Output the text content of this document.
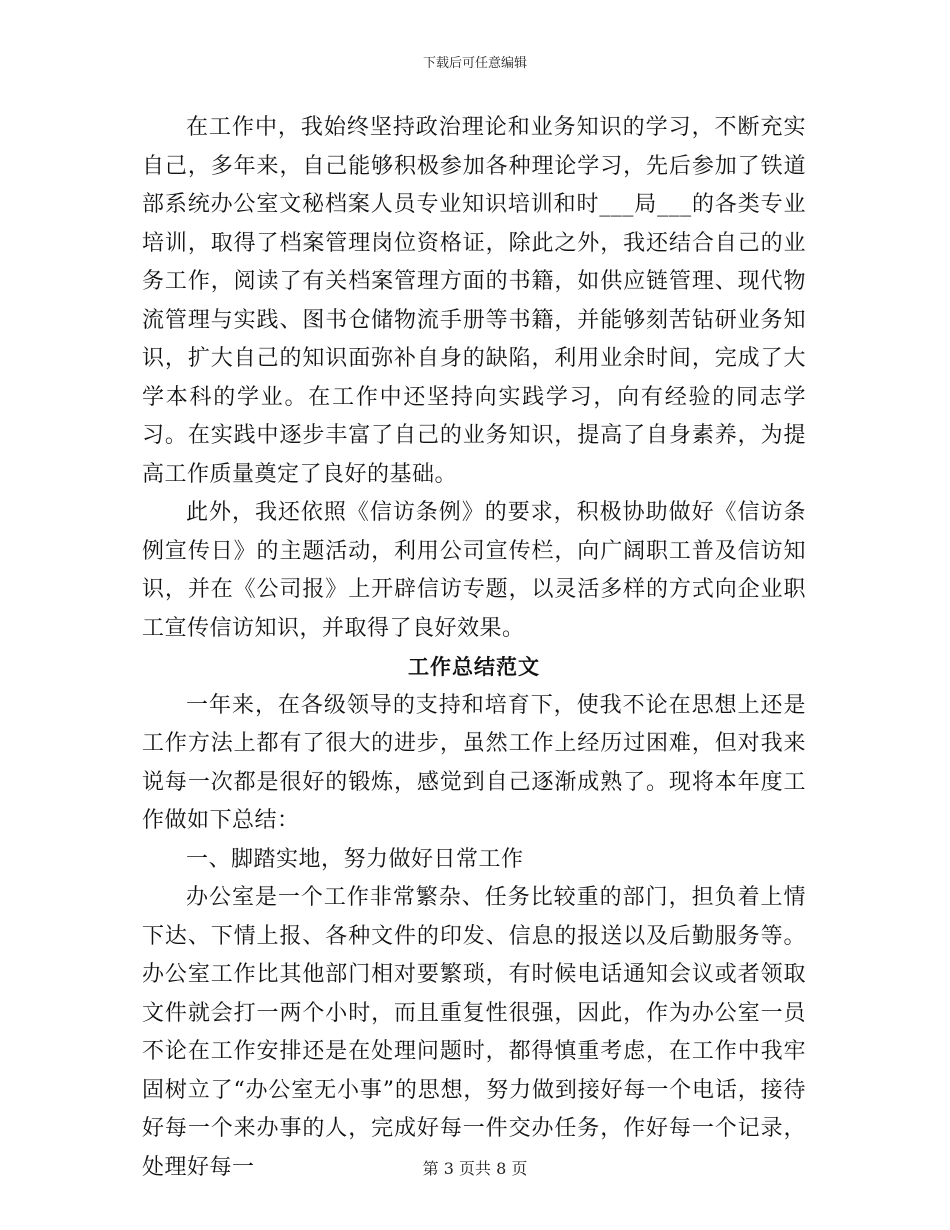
下载后可任意编辑

在工作中，我始终坚持政治理论和业务知识的学习，不断充实自己，多年来，自己能够积极参加各种理论学习，先后参加了铁道部系统办公室文秘档案人员专业知识培训和时___局___的各类专业培训，取得了档案管理岗位资格证，除此之外，我还结合自己的业务工作，阅读了有关档案管理方面的书籍，如供应链管理、现代物流管理与实践、图书仓储物流手册等书籍，并能够刻苦钻研业务知识，扩大自己的知识面弥补自身的缺陷，利用业余时间，完成了大学本科的学业。在工作中还坚持向实践学习，向有经验的同志学习。在实践中逐步丰富了自己的业务知识，提高了自身素养，为提高工作质量奠定了良好的基础。

此外，我还依照《信访条例》的要求，积极协助做好《信访条例宣传日》的主题活动，利用公司宣传栏，向广阔职工普及信访知识，并在《公司报》上开辟信访专题，以灵活多样的方式向企业职工宣传信访知识，并取得了良好效果。

工作总结范文

一年来，在各级领导的支持和培育下，使我不论在思想上还是工作方法上都有了很大的进步，虽然工作上经历过困难，但对我来说每一次都是很好的锻炼，感觉到自己逐渐成熟了。现将本年度工作做如下总结：

一、脚踏实地，努力做好日常工作

办公室是一个工作非常繁杂、任务比较重的部门，担负着上情下达、下情上报、各种文件的印发、信息的报送以及后勤服务等。办公室工作比其他部门相对要繁琐，有时候电话通知会议或者领取文件就会打一两个小时，而且重复性很强，因此，作为办公室一员不论在工作安排还是在处理问题时，都得慎重考虑，在工作中我牢固树立了“办公室无小事”的思想，努力做到接好每一个电话，接待好每一个来办事的人，完成好每一件交办任务，作好每一个记录，处理好每一	第 3 页共 8 页
